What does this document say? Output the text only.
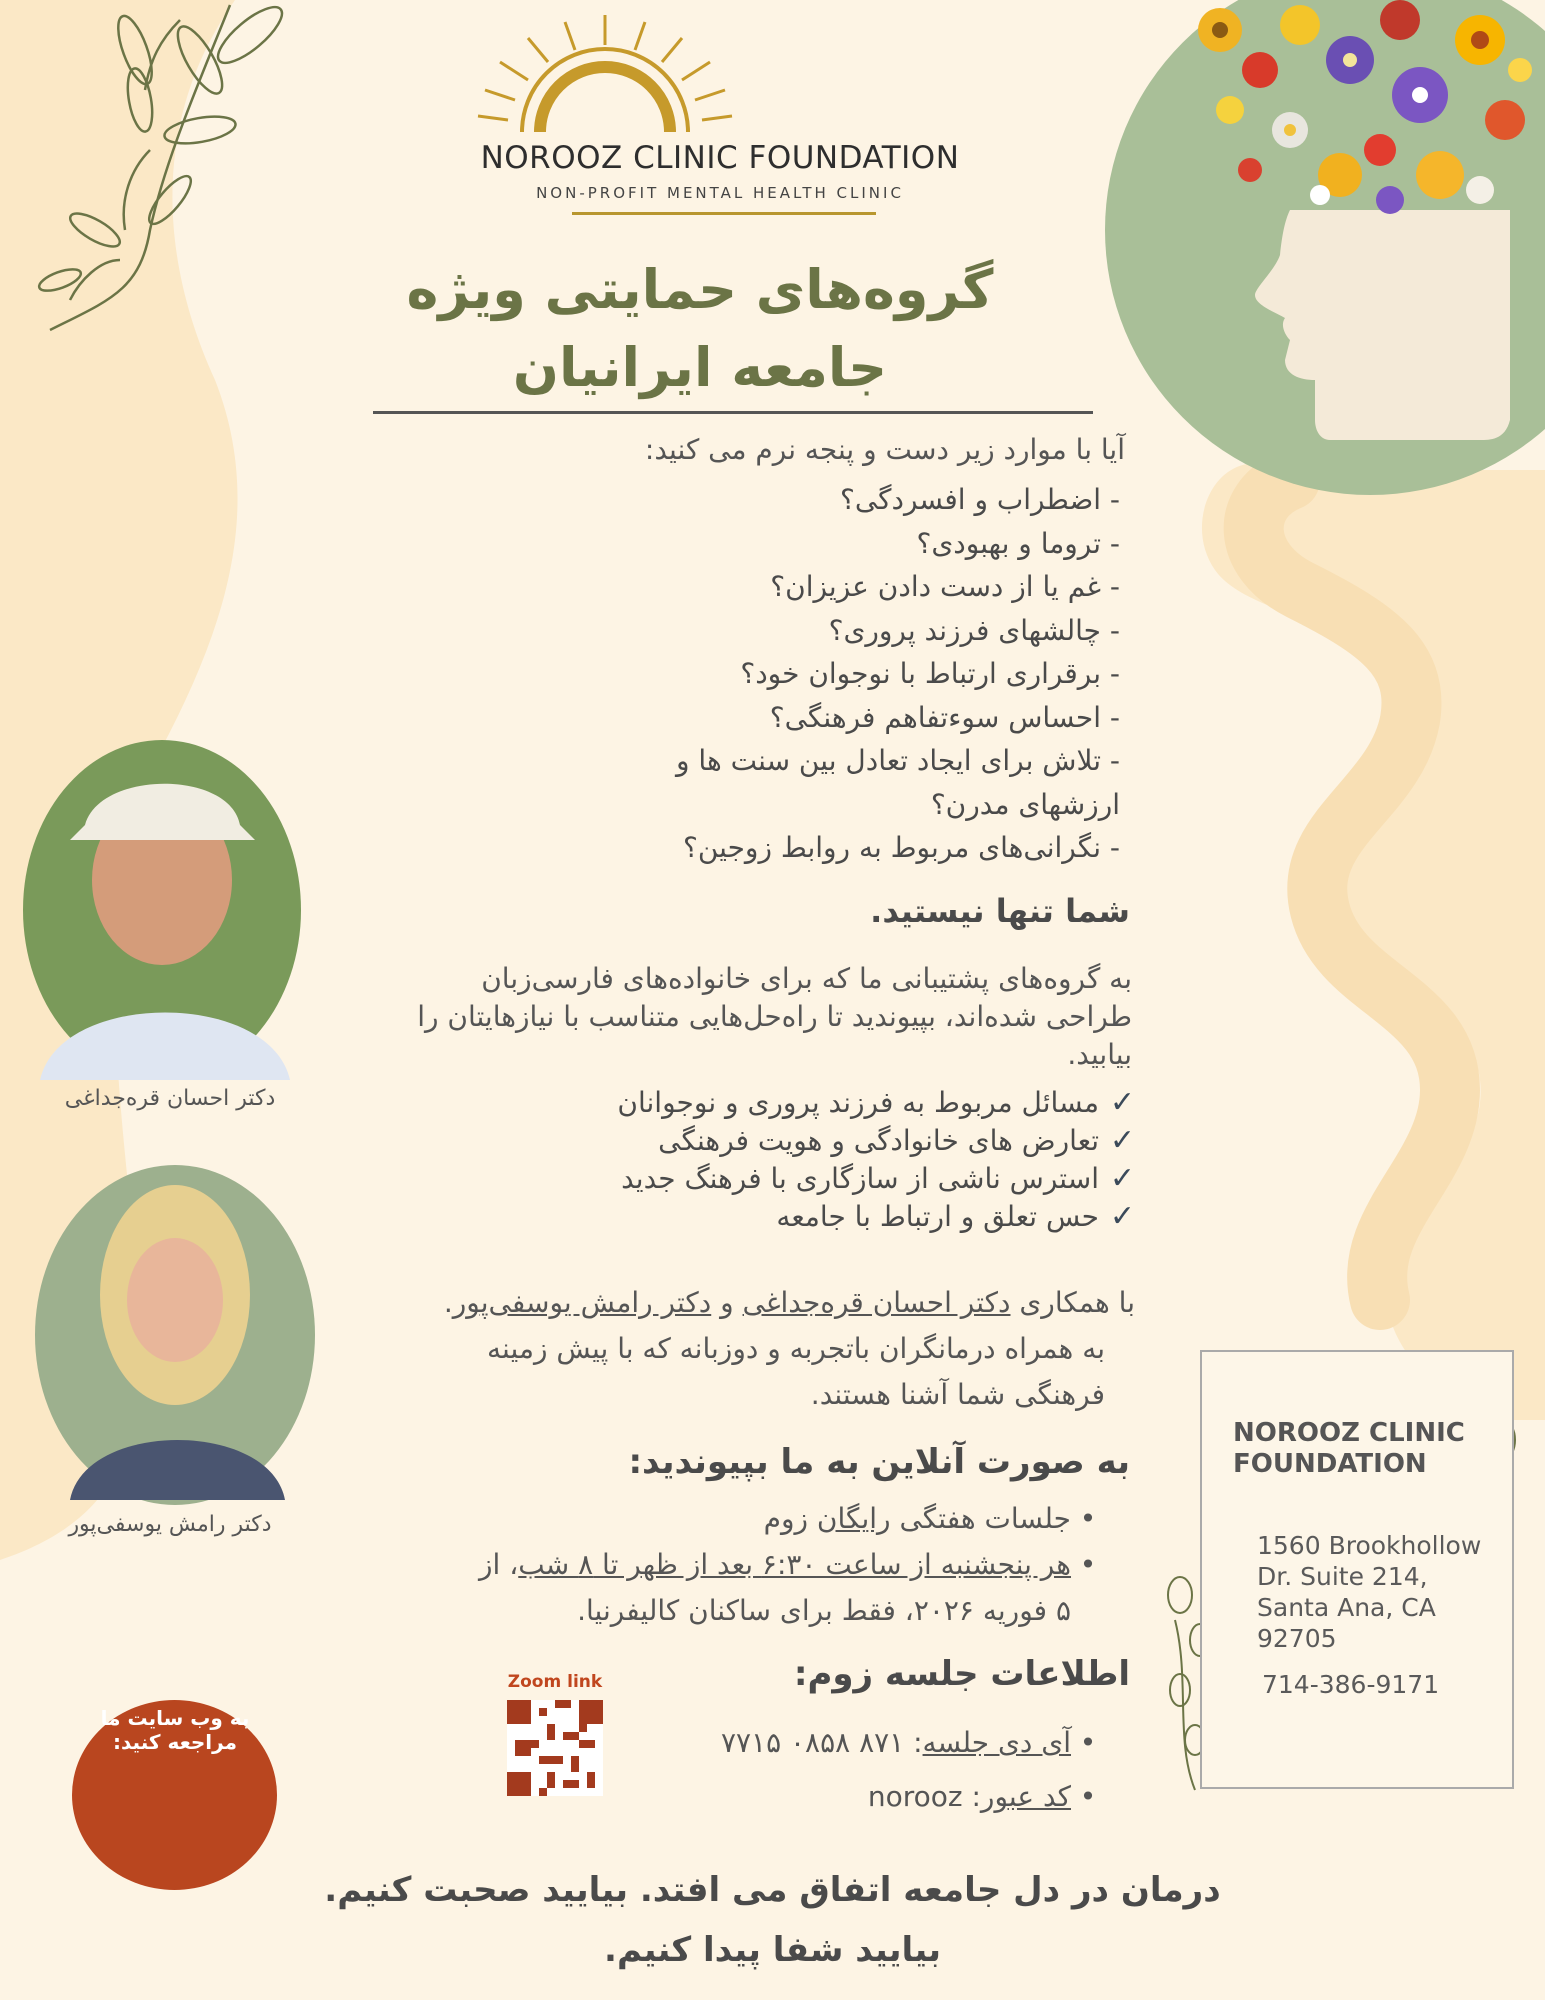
NOROOZ CLINIC FOUNDATION
NON-PROFIT MENTAL HEALTH CLINIC
گروه‌های حمایتی ویژه
جامعه ایرانیان
آیا با موارد زیر دست و پنجه نرم می کنید:
- اضطراب و افسردگی؟
- تروما و بهبودی؟
- غم یا از دست دادن عزیزان؟
- چالشهای فرزند پروری؟
- برقراری ارتباط با نوجوان خود؟
- احساس سوءتفاهم فرهنگی؟
- تلاش برای ایجاد تعادل بین سنت ها و
ارزشهای مدرن؟
- نگرانی‌های مربوط به روابط زوجین؟
شما تنها نیستید.
به گروه‌های پشتیبانی ما که برای خانواده‌های فارسی‌زبان طراحی شده‌اند، بپیوندید تا راه‌حل‌هایی متناسب با نیازهایتان را بیابید.
✓مسائل مربوط به فرزند پروری و نوجوانان
✓تعارض های خانوادگی و هویت فرهنگی
✓استرس ناشی از سازگاری با فرهنگ جدید
✓حس تعلق و ارتباط با جامعه
با همکاری دکتر احسان قره‌جداغی و دکتر رامش یوسفی‌پور.
به همراه درمانگران باتجربه و دوزبانه که با پیش زمینه
فرهنگی شما آشنا هستند.
به صورت آنلاین به ما بپیوندید:
•جلسات هفتگی رایگان زوم
•هر پنجشنبه از ساعت ۶:۳۰ بعد از ظهر تا ۸ شب، از
۵ فوریه ۲۰۲۶، فقط برای ساکنان کالیفرنیا.
اطلاعات جلسه زوم:
•آی دی جلسه: ۸۷۱ ۰۸۵۸ ۷۷۱۵
•کد عبور: norooz
Zoom link
دکتر احسان قره‌جداغی
دکتر رامش یوسفی‌پور
به وب سایت ما مراجعه کنید:
NOROOZ CLINIC FOUNDATION
1560 Brookhollow Dr. Suite 214, Santa Ana, CA 92705
714-386-9171
درمان در دل جامعه اتفاق می افتد. بیایید صحبت کنیم.
بیایید شفا پیدا کنیم.
